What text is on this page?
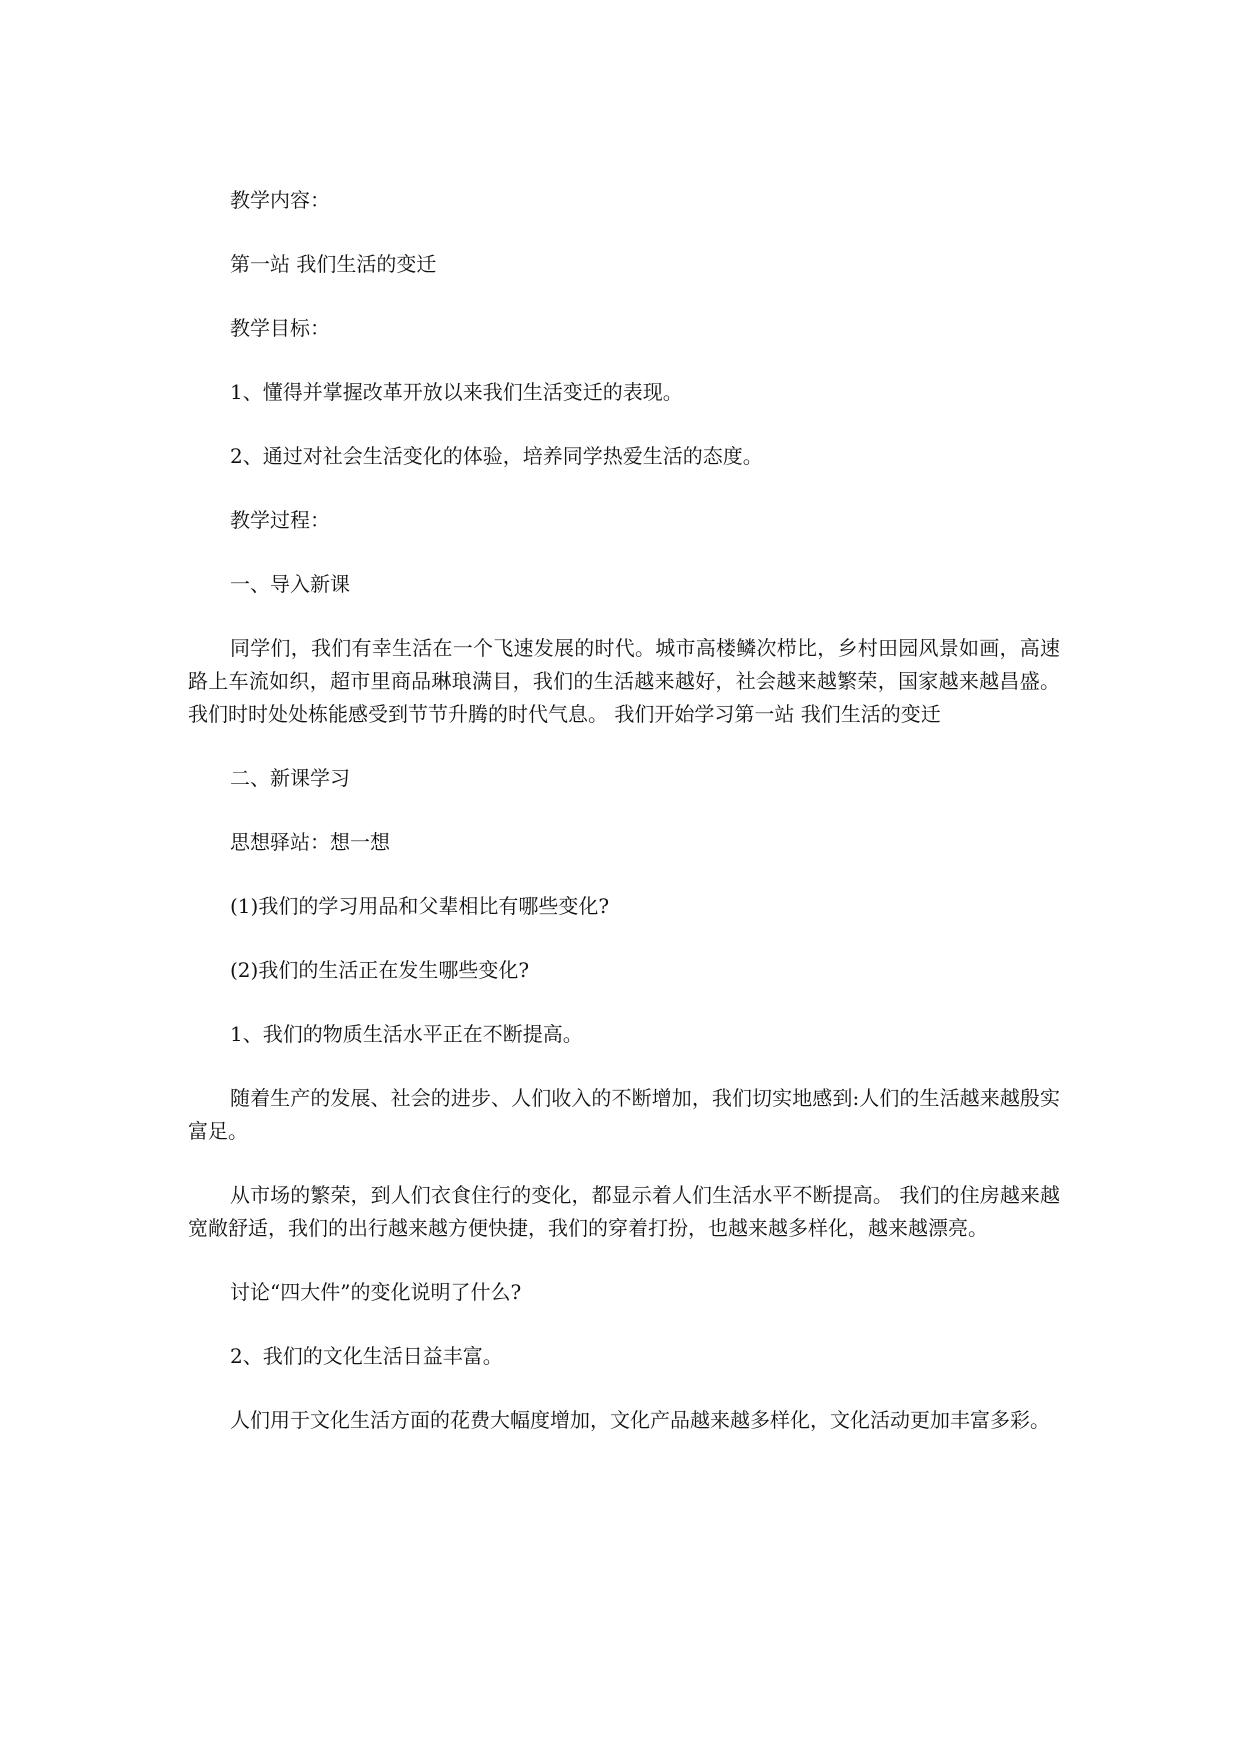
教学内容：

第一站 我们生活的变迁

教学目标：

1、懂得并掌握改革开放以来我们生活变迁的表现。

2、通过对社会生活变化的体验，培养同学热爱生活的态度。

教学过程：

一、导入新课

同学们，我们有幸生活在一个飞速发展的时代。城市高楼鳞次栉比，乡村田园风景如画，高速路上车流如织，超市里商品琳琅满目，我们的生活越来越好，社会越来越繁荣，国家越来越昌盛。我们时时处处栋能感受到节节升腾的时代气息。 我们开始学习第一站 我们生活的变迁

二、新课学习

思想驿站：想一想

(1)我们的学习用品和父辈相比有哪些变化?

(2)我们的生活正在发生哪些变化?

1、我们的物质生活水平正在不断提高。

随着生产的发展、社会的进步、人们收入的不断增加，我们切实地感到:人们的生活越来越殷实富足。

从市场的繁荣，到人们衣食住行的变化，都显示着人们生活水平不断提高。 我们的住房越来越宽敞舒适，我们的出行越来越方便快捷，我们的穿着打扮，也越来越多样化，越来越漂亮。

讨论“四大件”的变化说明了什么?

2、我们的文化生活日益丰富。

人们用于文化生活方面的花费大幅度增加，文化产品越来越多样化，文化活动更加丰富多彩。
